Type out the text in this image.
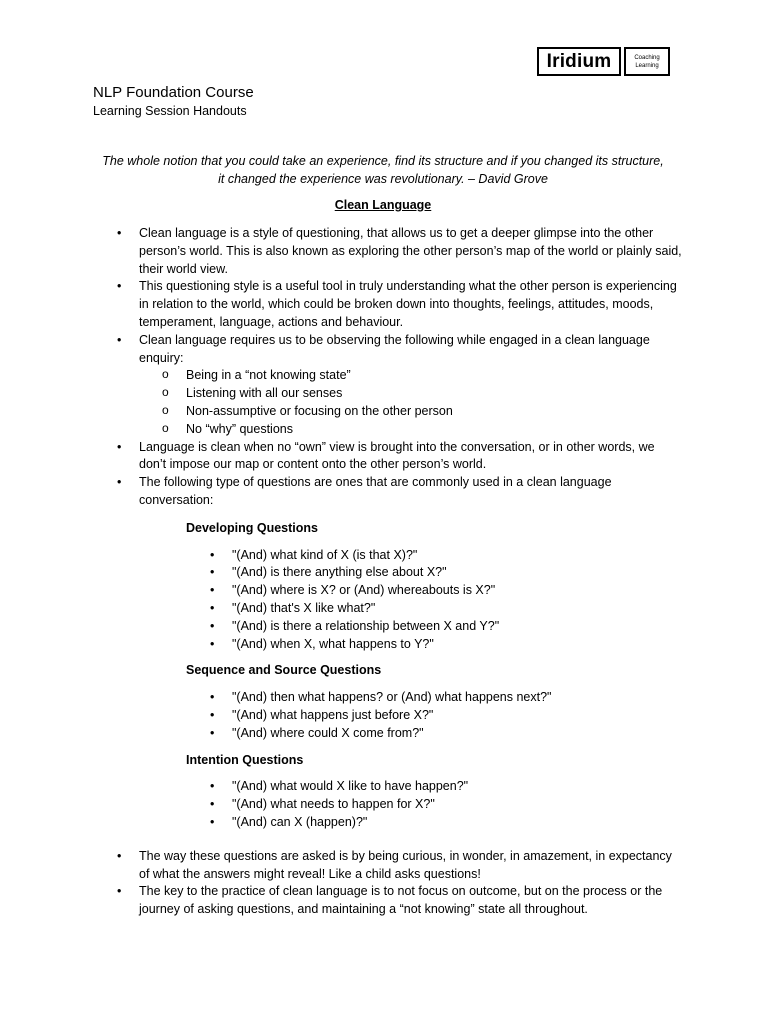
Iridium	Coaching
Learning
NLP Foundation Course
Learning Session Handouts
The whole notion that you could take an experience, find its structure and if you changed its structure, it changed the experience was revolutionary. – David Grove
Clean Language
• Clean language is a style of questioning, that allows us to get a deeper glimpse into the other person’s world. This is also known as exploring the other person’s map of the world or plainly said, their world view.
• This questioning style is a useful tool in truly understanding what the other person is experiencing in relation to the world, which could be broken down into thoughts, feelings, attitudes, moods, temperament, language, actions and behaviour.
• Clean language requires us to be observing the following while engaged in a clean language enquiry:
o Being in a “not knowing state”
o Listening with all our senses
o Non-assumptive or focusing on the other person
o No “why” questions
• Language is clean when no “own” view is brought into the conversation, or in other words, we don’t impose our map or content onto the other person’s world.
• The following type of questions are ones that are commonly used in a clean language conversation:
Developing Questions
• "(And) what kind of X (is that X)?"
• "(And) is there anything else about X?"
• "(And) where is X? or (And) whereabouts is X?"
• "(And) that's X like what?"
• "(And) is there a relationship between X and Y?"
• "(And) when X, what happens to Y?"
Sequence and Source Questions
• "(And) then what happens? or (And) what happens next?"
• "(And) what happens just before X?"
• "(And) where could X come from?"
Intention Questions
• "(And) what would X like to have happen?"
• "(And) what needs to happen for X?"
• "(And) can X (happen)?"
• The way these questions are asked is by being curious, in wonder, in amazement, in expectancy of what the answers might reveal! Like a child asks questions!
• The key to the practice of clean language is to not focus on outcome, but on the process or the journey of asking questions, and maintaining a “not knowing” state all throughout.
